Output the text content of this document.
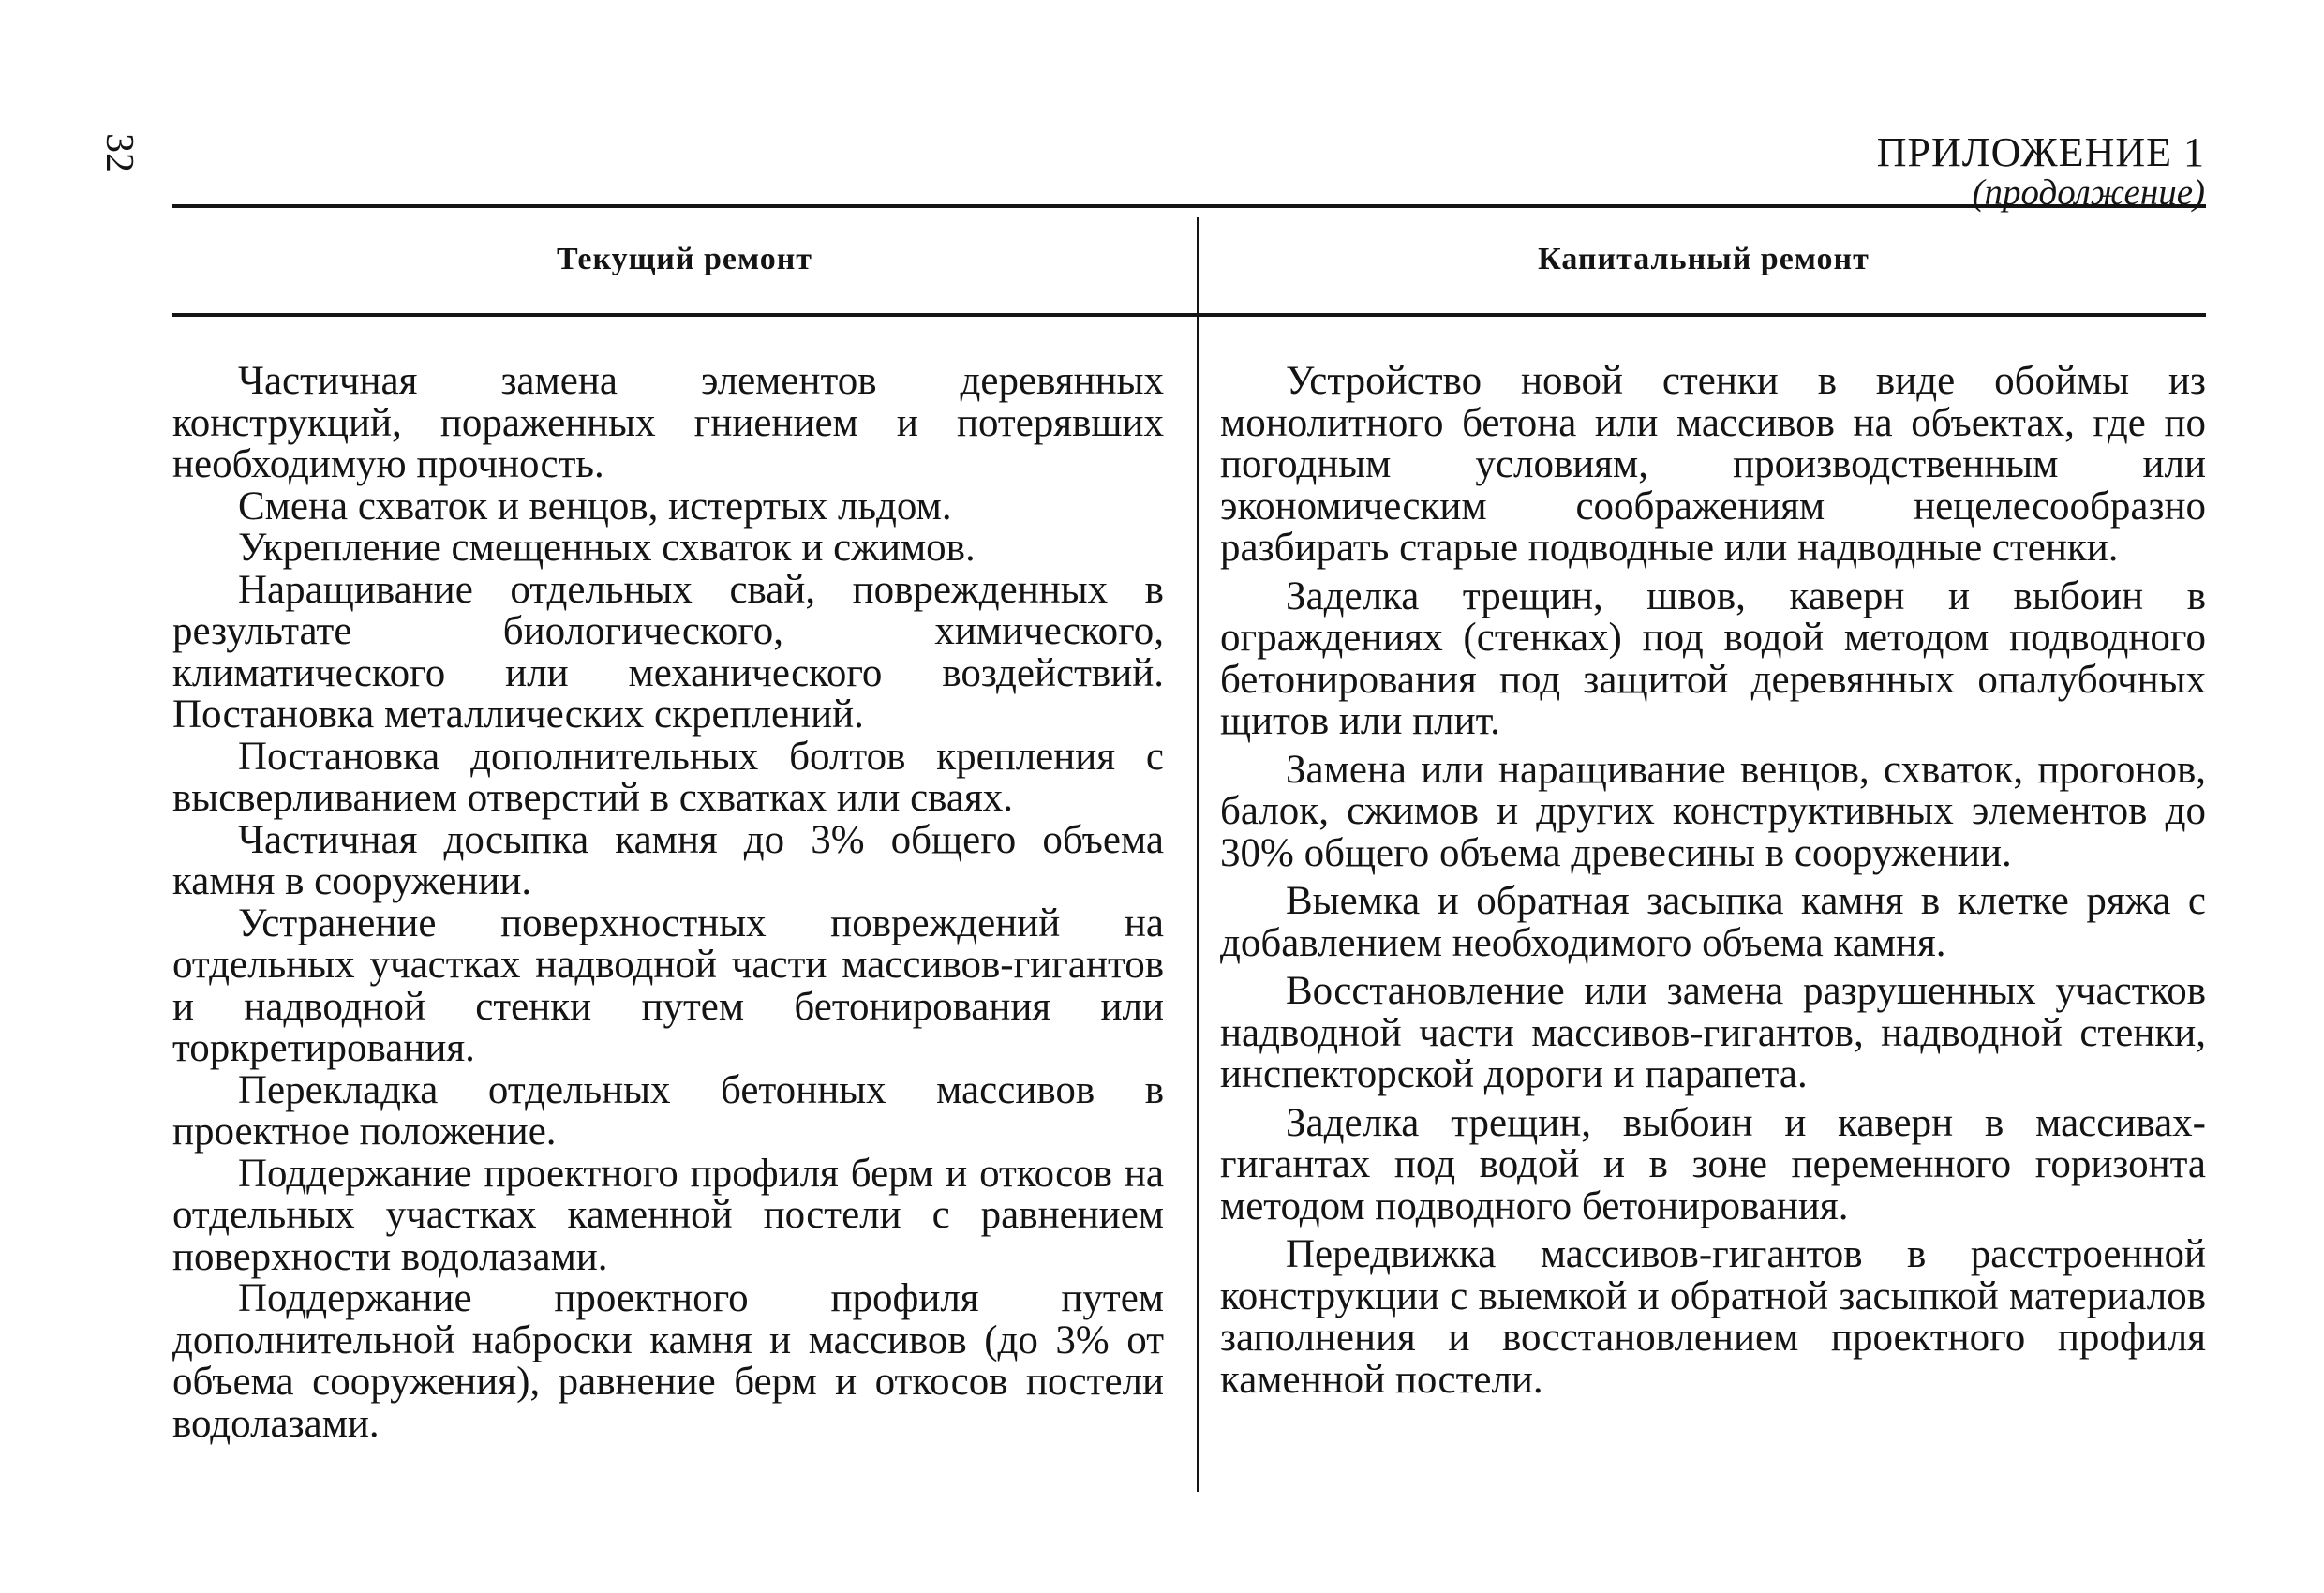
32	ПРИЛОЖЕНИЕ 1
(продолжение)
Текущий ремонт	Капитальный ремонт

Частичная замена элементов деревянных конструкций, пораженных гниением и потерявших необходимую прочность.

Смена схваток и венцов, истертых льдом.

Укрепление смещенных схваток и сжимов.

Наращивание отдельных свай, поврежденных в результате биологического, химического, климатического или механического воздействий. Постановка металлических скреплений.

Постановка дополнительных болтов крепления с высверливанием отверстий в схватках или сваях.

Частичная досыпка камня до 3% общего объема камня в сооружении.

Устранение поверхностных повреждений на отдельных участках надводной части массивов-гигантов и надводной стенки путем бетонирования или торкретирования.

Перекладка отдельных бетонных массивов в проектное положение.

Поддержание проектного профиля берм и откосов на отдельных участках каменной постели с равнением поверхности водолазами.

Поддержание проектного профиля путем дополнительной наброски камня и массивов (до 3% от объема сооружения), равнение берм и откосов постели водолазами.

Устройство новой стенки в виде обоймы из монолитного бетона или массивов на объектах, где по погодным условиям, производственным или экономическим соображениям нецелесообразно разбирать старые подводные или надводные стенки.

Заделка трещин, швов, каверн и выбоин в ограждениях (стенках) под водой методом подводного бетонирования под защитой деревянных опалубочных щитов или плит.

Замена или наращивание венцов, схваток, прогонов, балок, сжимов и других конструктивных элементов до 30% общего объема древесины в сооружении.

Выемка и обратная засыпка камня в клетке ряжа с добавлением необходимого объема камня.

Восстановление или замена разрушенных участков надводной части массивов-гигантов, надводной стенки, инспекторской дороги и парапета.

Заделка трещин, выбоин и каверн в массивах-гигантах под водой и в зоне переменного горизонта методом подводного бетонирования.

Передвижка массивов-гигантов в расстроенной конструкции с выемкой и обратной засыпкой материалов заполнения и восстановлением проектного профиля каменной постели.
